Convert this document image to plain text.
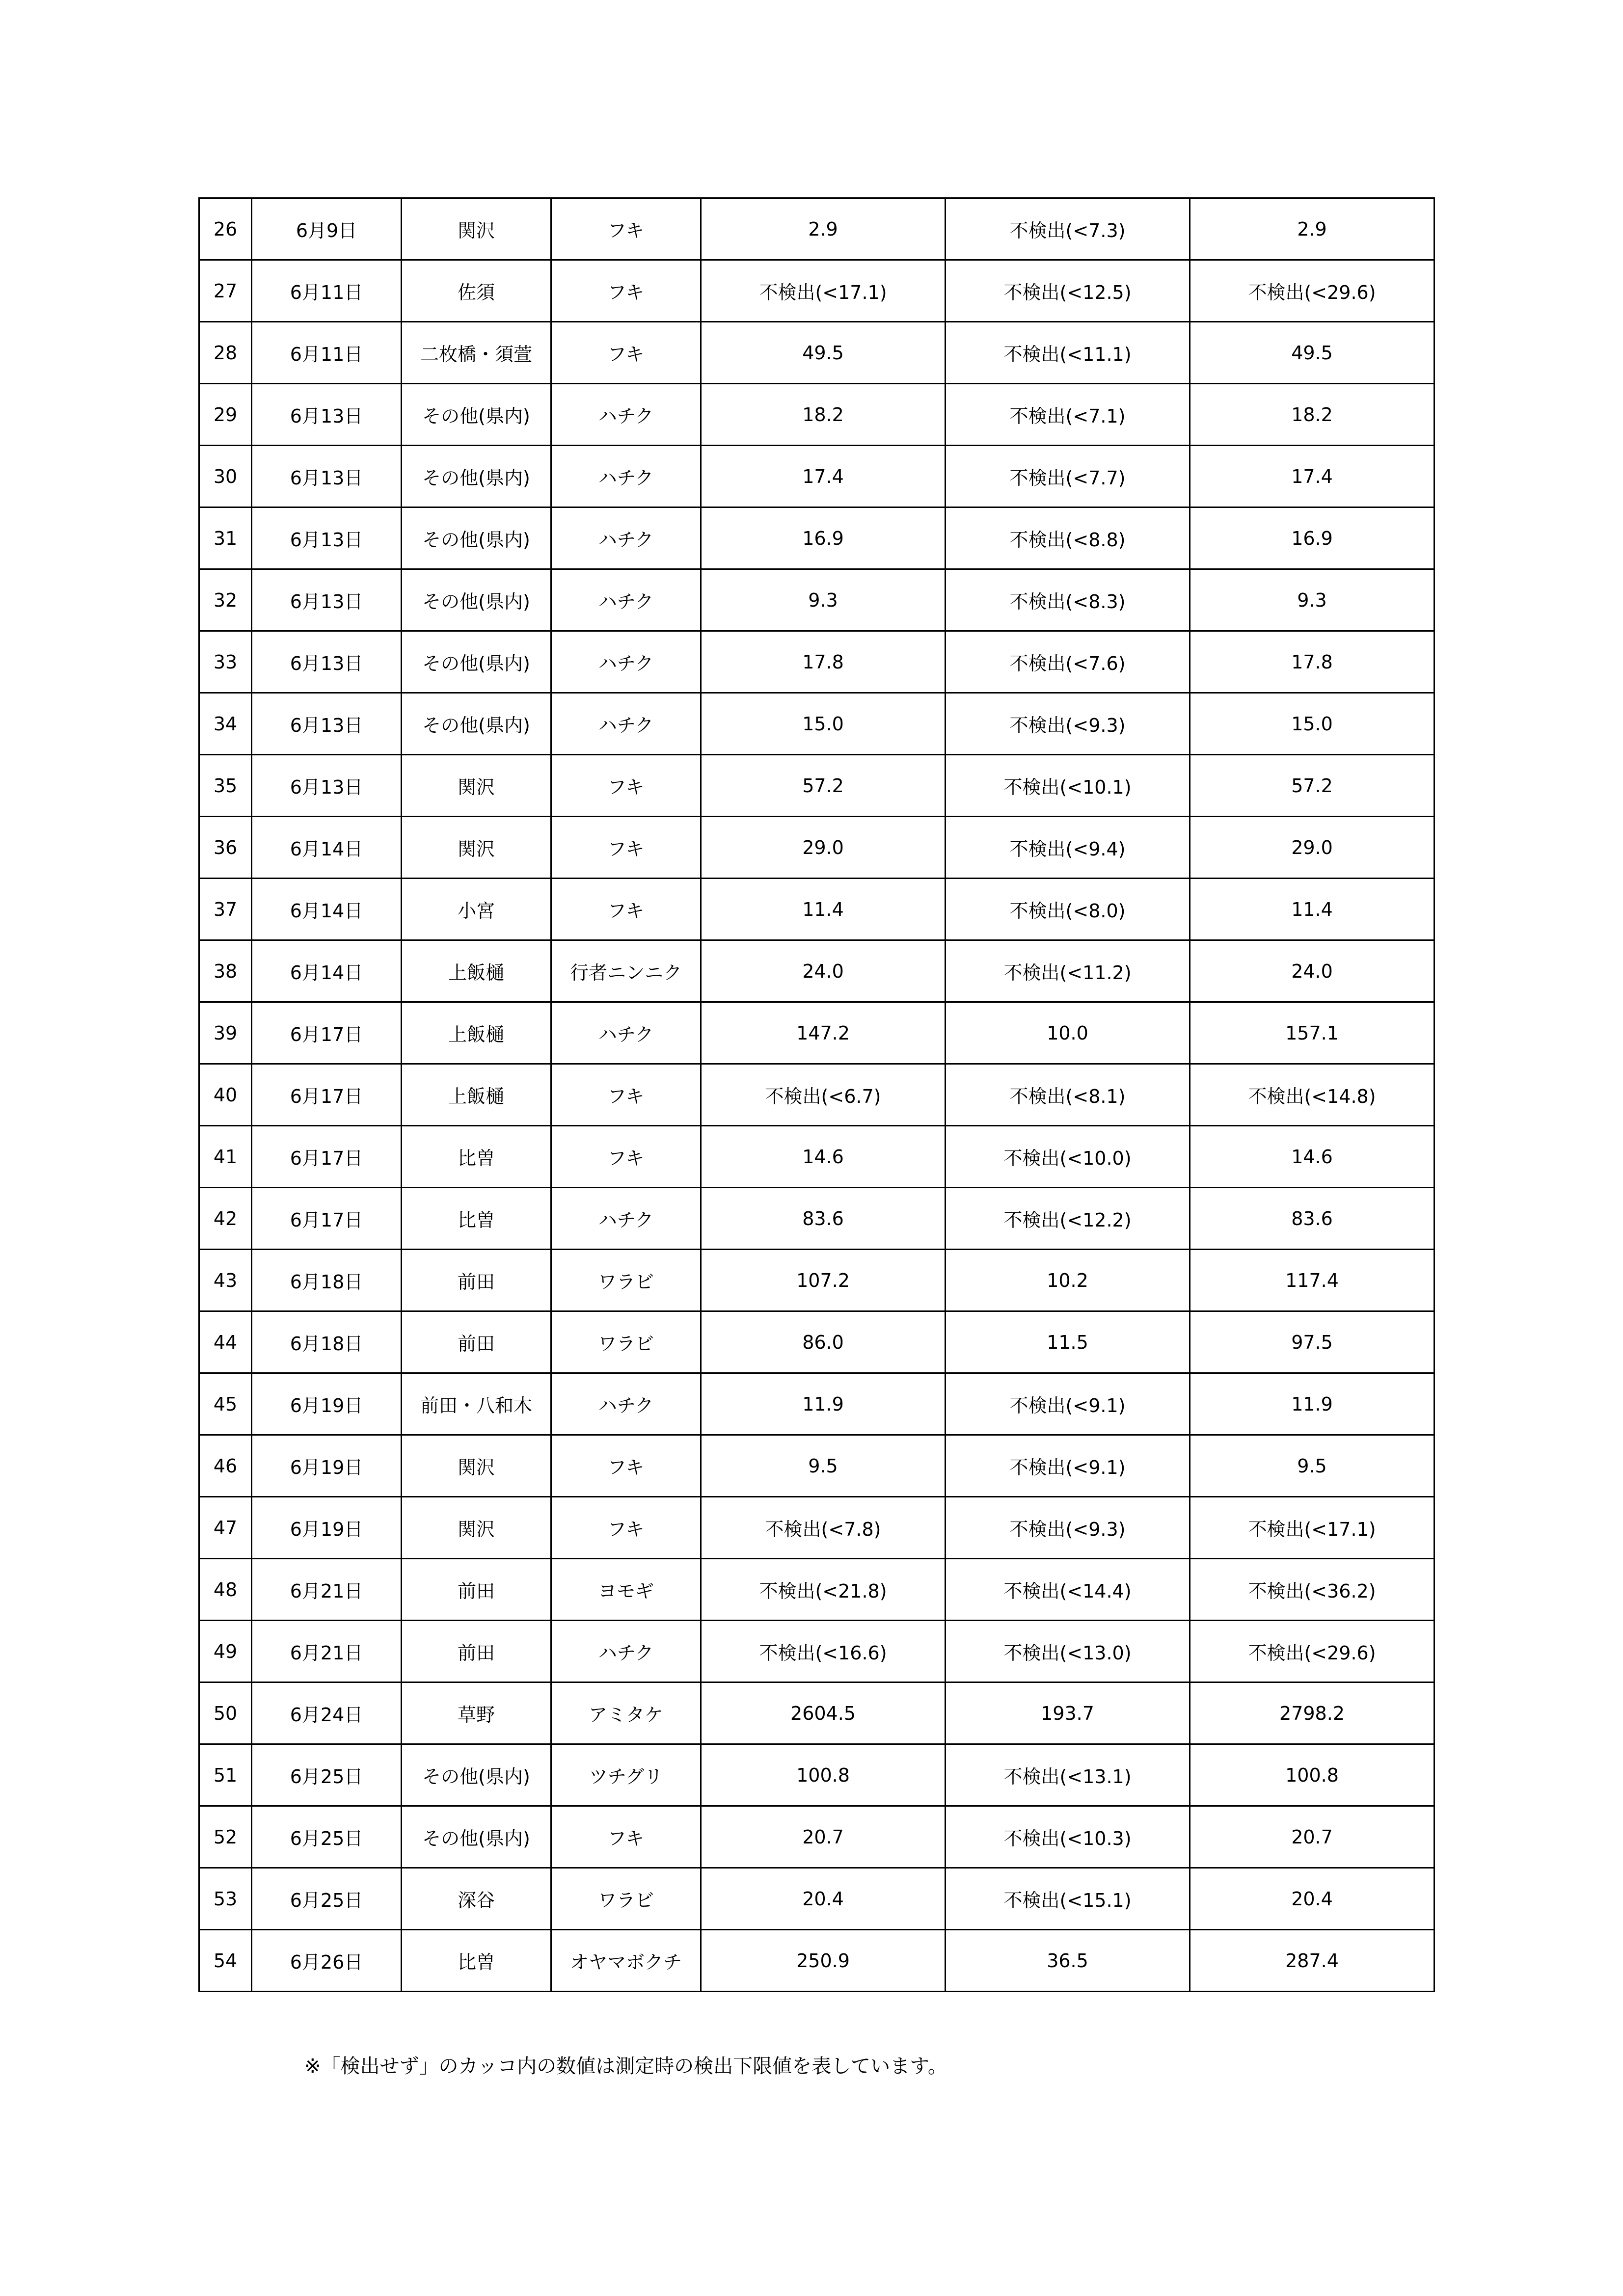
26	6月9日	関沢	フキ	2.9	不検出(<7.3)	2.9
27	6月11日	佐須	フキ	不検出(<17.1)	不検出(<12.5)	不検出(<29.6)
28	6月11日	二枚橋・須萱	フキ	49.5	不検出(<11.1)	49.5
29	6月13日	その他(県内)	ハチク	18.2	不検出(<7.1)	18.2
30	6月13日	その他(県内)	ハチク	17.4	不検出(<7.7)	17.4
31	6月13日	その他(県内)	ハチク	16.9	不検出(<8.8)	16.9
32	6月13日	その他(県内)	ハチク	9.3	不検出(<8.3)	9.3
33	6月13日	その他(県内)	ハチク	17.8	不検出(<7.6)	17.8
34	6月13日	その他(県内)	ハチク	15.0	不検出(<9.3)	15.0
35	6月13日	関沢	フキ	57.2	不検出(<10.1)	57.2
36	6月14日	関沢	フキ	29.0	不検出(<9.4)	29.0
37	6月14日	小宮	フキ	11.4	不検出(<8.0)	11.4
38	6月14日	上飯樋	行者ニンニク	24.0	不検出(<11.2)	24.0
39	6月17日	上飯樋	ハチク	147.2	10.0	157.1
40	6月17日	上飯樋	フキ	不検出(<6.7)	不検出(<8.1)	不検出(<14.8)
41	6月17日	比曽	フキ	14.6	不検出(<10.0)	14.6
42	6月17日	比曽	ハチク	83.6	不検出(<12.2)	83.6
43	6月18日	前田	ワラビ	107.2	10.2	117.4
44	6月18日	前田	ワラビ	86.0	11.5	97.5
45	6月19日	前田・八和木	ハチク	11.9	不検出(<9.1)	11.9
46	6月19日	関沢	フキ	9.5	不検出(<9.1)	9.5
47	6月19日	関沢	フキ	不検出(<7.8)	不検出(<9.3)	不検出(<17.1)
48	6月21日	前田	ヨモギ	不検出(<21.8)	不検出(<14.4)	不検出(<36.2)
49	6月21日	前田	ハチク	不検出(<16.6)	不検出(<13.0)	不検出(<29.6)
50	6月24日	草野	アミタケ	2604.5	193.7	2798.2
51	6月25日	その他(県内)	ツチグリ	100.8	不検出(<13.1)	100.8
52	6月25日	その他(県内)	フキ	20.7	不検出(<10.3)	20.7
53	6月25日	深谷	ワラビ	20.4	不検出(<15.1)	20.4
54	6月26日	比曽	オヤマボクチ	250.9	36.5	287.4
※「検出せず」のカッコ内の数値は測定時の検出下限値を表しています。
